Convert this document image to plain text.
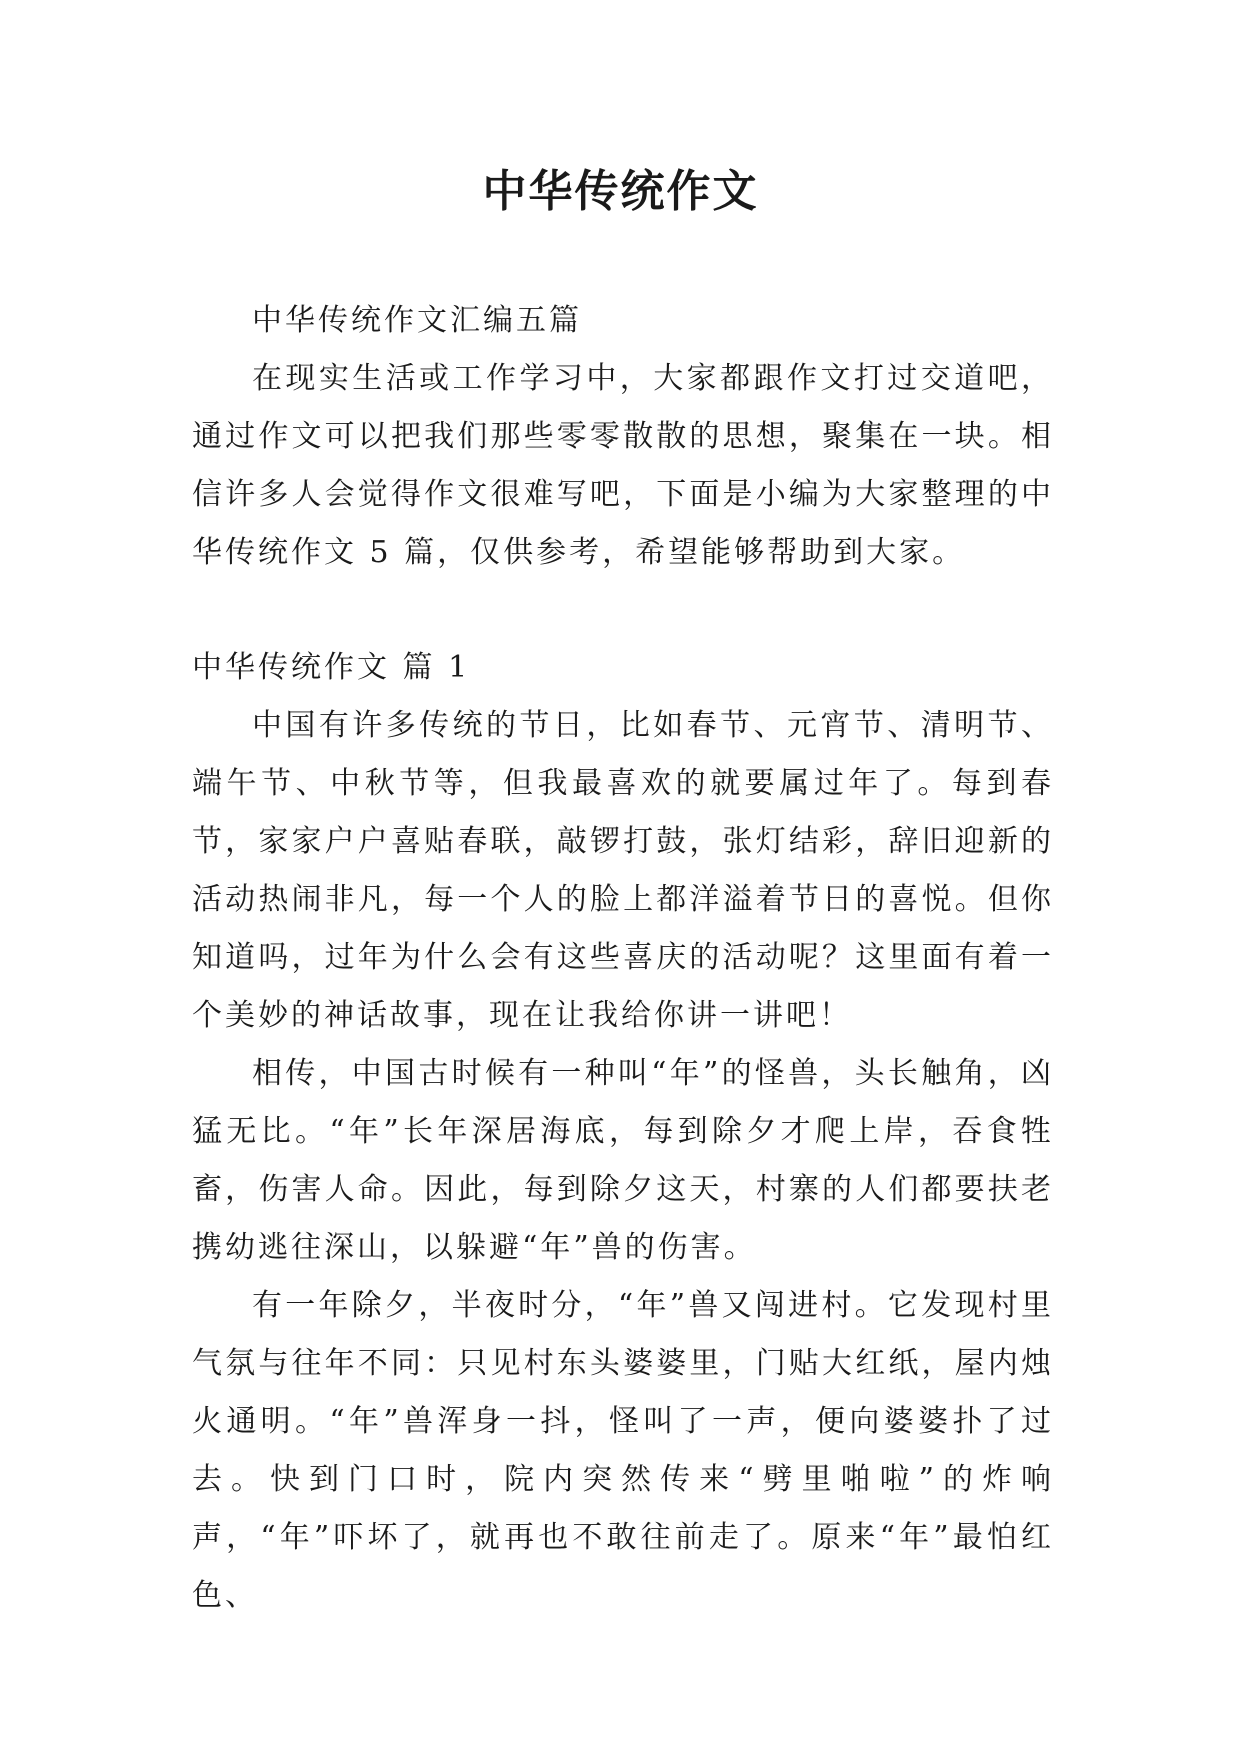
中华传统作文

中华传统作文汇编五篇

在现实生活或工作学习中，大家都跟作文打过交道吧，通过作文可以把我们那些零零散散的思想，聚集在一块。相信许多人会觉得作文很难写吧，下面是小编为大家整理的中华传统作文 5 篇，仅供参考，希望能够帮助到大家。

中华传统作文 篇 1

中国有许多传统的节日，比如春节、元宵节、清明节、端午节、中秋节等，但我最喜欢的就要属过年了。每到春节，家家户户喜贴春联，敲锣打鼓，张灯结彩，辞旧迎新的活动热闹非凡，每一个人的脸上都洋溢着节日的喜悦。但你知道吗，过年为什么会有这些喜庆的活动呢？这里面有着一个美妙的神话故事，现在让我给你讲一讲吧！

相传，中国古时候有一种叫“年”的怪兽，头长触角，凶猛无比。“年”长年深居海底，每到除夕才爬上岸，吞食牲畜，伤害人命。因此，每到除夕这天，村寨的人们都要扶老携幼逃往深山，以躲避“年”兽的伤害。

有一年除夕，半夜时分，“年”兽又闯进村。它发现村里气氛与往年不同：只见村东头婆婆里，门贴大红纸，屋内烛火通明。“年”兽浑身一抖，怪叫了一声，便向婆婆扑了过去。快到门口时，院内突然传来“劈里啪啦”的炸响声，“年”吓坏了，就再也不敢往前走了。原来“年”最怕红色、
